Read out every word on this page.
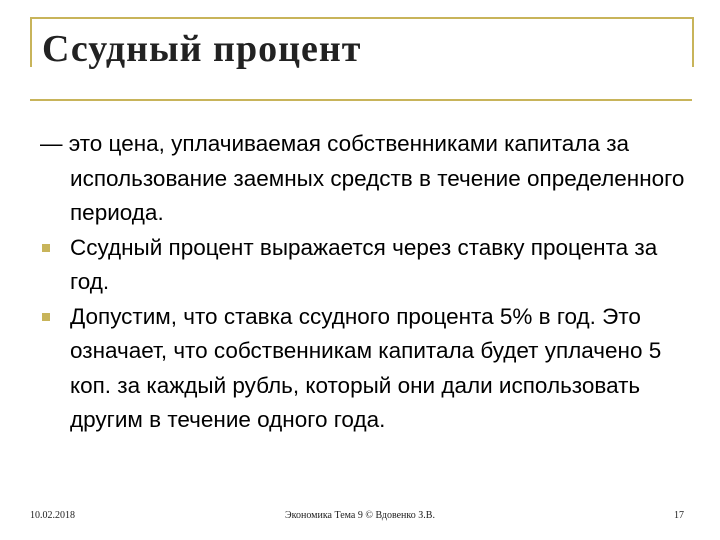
Ссудный процент

— это цена, уплачиваемая собственниками капитала за использование заемных средств в течение определенного периода.

Ссудный процент выражается через ставку процента за год.
Допустим, что ставка ссудного процента 5% в год. Это означает, что собственникам капитала будет уплачено 5 коп. за каждый рубль, который они дали использовать другим в течение одного года.
10.02.2018	Экономика Тема 9 © Вдовенко З.В.	17
